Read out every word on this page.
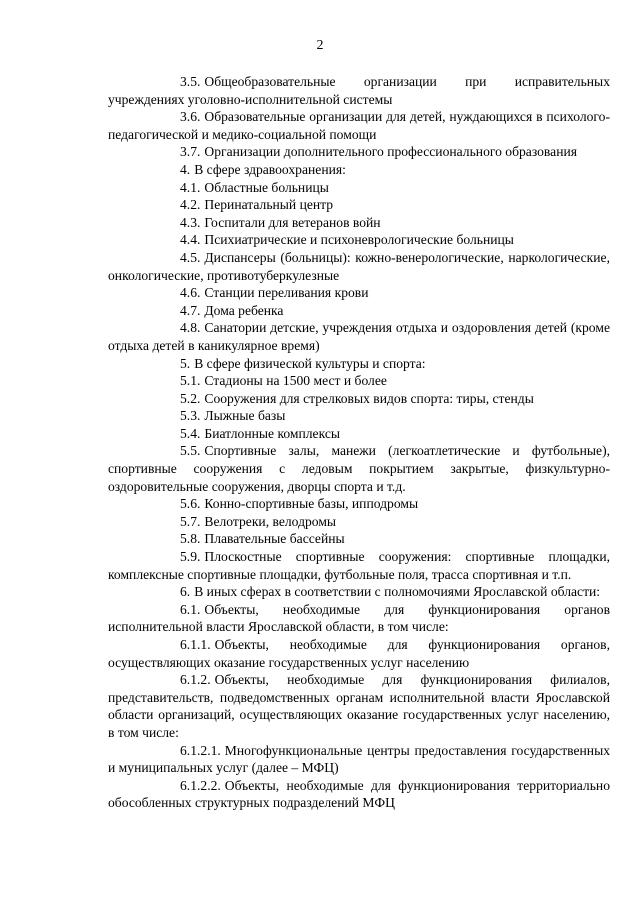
2

3.5. Общеобразовательные организации при исправительных учреждениях уголовно-исполнительной системы

3.6. Образовательные организации для детей, нуждающихся в психолого-педагогической и медико-социальной помощи

3.7. Организации дополнительного профессионального образования

4. В сфере здравоохранения:

4.1. Областные больницы

4.2. Перинатальный центр

4.3. Госпитали для ветеранов войн

4.4. Психиатрические и психоневрологические больницы

4.5. Диспансеры (больницы): кожно-венерологические, наркологические, онкологические, противотуберкулезные

4.6. Станции переливания крови

4.7. Дома ребенка

4.8. Санатории детские, учреждения отдыха и оздоровления детей (кроме отдыха детей в каникулярное время)

5. В сфере физической культуры и спорта:

5.1. Стадионы на 1500 мест и более

5.2. Сооружения для стрелковых видов спорта: тиры, стенды

5.3. Лыжные базы

5.4. Биатлонные комплексы

5.5. Спортивные залы, манежи (легкоатлетические и футбольные), спортивные сооружения с ледовым покрытием закрытые, физкультурно-оздоровительные сооружения, дворцы спорта и т.д.

5.6. Конно-спортивные базы, ипподромы

5.7. Велотреки, велодромы

5.8. Плавательные бассейны

5.9. Плоскостные спортивные сооружения: спортивные площадки, комплексные спортивные площадки, футбольные поля, трасса спортивная и т.п.

6. В иных сферах в соответствии с полномочиями Ярославской области:

6.1. Объекты, необходимые для функционирования органов исполнительной власти Ярославской области, в том числе:

6.1.1. Объекты, необходимые для функционирования органов, осуществляющих оказание государственных услуг населению

6.1.2. Объекты, необходимые для функционирования филиалов, представительств, подведомственных органам исполнительной власти Ярославской области организаций, осуществляющих оказание государственных услуг населению, в том числе:

6.1.2.1. Многофункциональные центры предоставления государственных и муниципальных услуг (далее – МФЦ)

6.1.2.2. Объекты, необходимые для функционирования территориально обособленных структурных подразделений МФЦ
